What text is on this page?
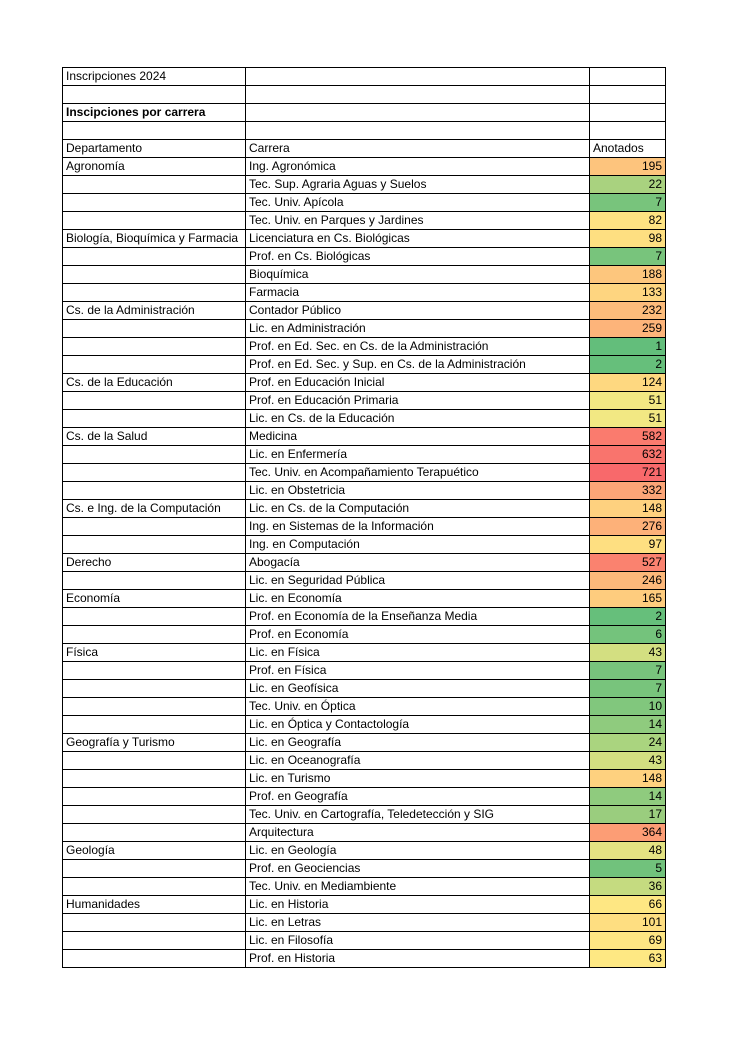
Inscripciones 2024		

Inscipciones por carrera		

Departamento	Carrera	Anotados
Agronomía	Ing. Agronómica	195
	Tec. Sup. Agraria Aguas y Suelos	22
	Tec. Univ. Apícola	7
	Tec. Univ. en Parques y Jardines	82
Biología, Bioquímica y Farmacia	Licenciatura en Cs. Biológicas	98
	Prof. en Cs. Biológicas	7
	Bioquímica	188
	Farmacia	133
Cs. de la Administración	Contador Público	232
	Lic. en Administración	259
	Prof. en Ed. Sec. en Cs. de la Administración	1
	Prof. en Ed. Sec. y Sup. en Cs. de la Administración	2
Cs. de la Educación	Prof. en Educación Inicial	124
	Prof. en Educación Primaria	51
	Lic. en Cs. de la Educación	51
Cs. de la Salud	Medicina	582
	Lic. en Enfermería	632
	Tec. Univ. en Acompañamiento Terapuético	721
	Lic. en Obstetricia	332
Cs. e Ing. de la Computación	Lic. en Cs. de la Computación	148
	Ing. en Sistemas de la Información	276
	Ing. en Computación	97
Derecho	Abogacía	527
	Lic. en Seguridad Pública	246
Economía	Lic. en Economía	165
	Prof. en Economía de la Enseñanza Media	2
	Prof. en Economía	6
Física	Lic. en Física	43
	Prof. en Física	7
	Lic. en Geofísica	7
	Tec. Univ. en Óptica	10
	Lic. en Óptica y Contactología	14
Geografía y Turismo	Lic. en Geografía	24
	Lic. en Oceanografía	43
	Lic. en Turismo	148
	Prof. en Geografía	14
	Tec. Univ. en Cartografía, Teledetección y SIG	17
	Arquitectura	364
Geología	Lic. en Geología	48
	Prof. en Geociencias	5
	Tec. Univ. en Mediambiente	36
Humanidades	Lic. en Historia	66
	Lic. en Letras	101
	Lic. en Filosofía	69
	Prof. en Historia	63
